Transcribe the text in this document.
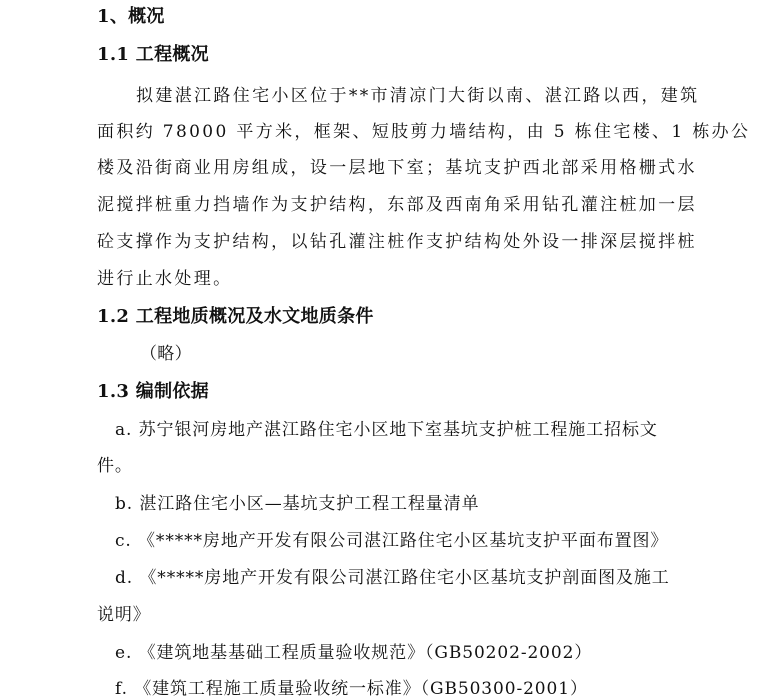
1、概况
1.1 工程概况
拟建湛江路住宅小区位于**市清凉门大街以南、湛江路以西，建筑
面积约 78000 平方米，框架、短肢剪力墙结构，由 5 栋住宅楼、1 栋办公
楼及沿街商业用房组成，设一层地下室；基坑支护西北部采用格栅式水
泥搅拌桩重力挡墙作为支护结构，东部及西南角采用钻孔灌注桩加一层
砼支撑作为支护结构，以钻孔灌注桩作支护结构处外设一排深层搅拌桩
进行止水处理。
1.2 工程地质概况及水文地质条件
（略）
1.3 编制依据
a. 苏宁银河房地产湛江路住宅小区地下室基坑支护桩工程施工招标文
件。
b. 湛江路住宅小区—基坑支护工程工程量清单
c. 《*****房地产开发有限公司湛江路住宅小区基坑支护平面布置图》
d. 《*****房地产开发有限公司湛江路住宅小区基坑支护剖面图及施工
说明》
e. 《建筑地基基础工程质量验收规范》（GB50202-2002）
f. 《建筑工程施工质量验收统一标准》（GB50300-2001）
